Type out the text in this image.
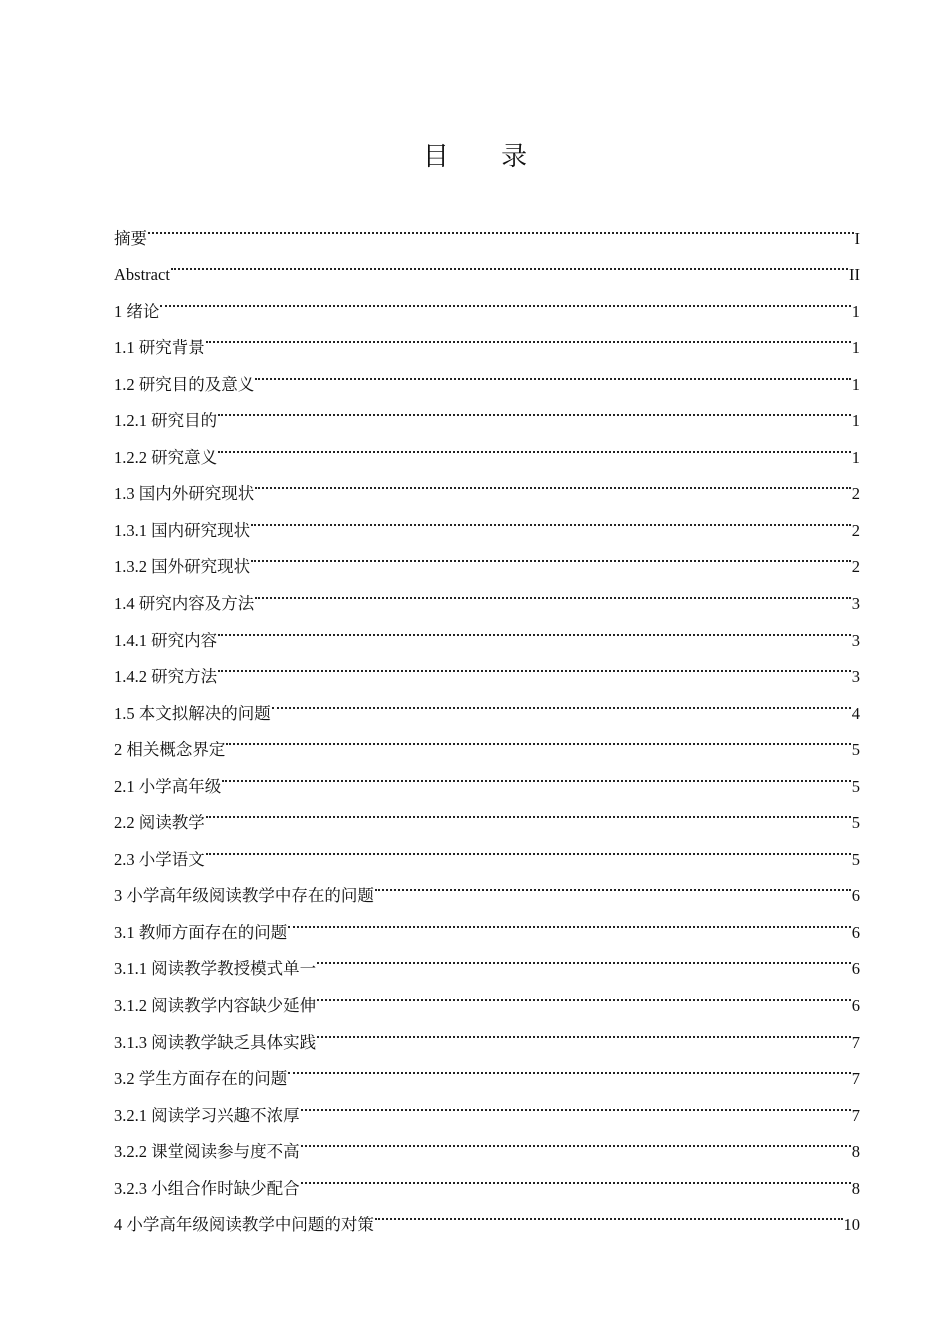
目 录
摘要	I
Abstract	II
1 绪论	1
1.1 研究背景	1
1.2 研究目的及意义	1
1.2.1 研究目的	1
1.2.2 研究意义	1
1.3 国内外研究现状	2
1.3.1 国内研究现状	2
1.3.2 国外研究现状	2
1.4 研究内容及方法	3
1.4.1 研究内容	3
1.4.2 研究方法	3
1.5 本文拟解决的问题	4
2 相关概念界定	5
2.1 小学高年级	5
2.2 阅读教学	5
2.3 小学语文	5
3 小学高年级阅读教学中存在的问题	6
3.1 教师方面存在的问题	6
3.1.1 阅读教学教授模式单一	6
3.1.2 阅读教学内容缺少延伸	6
3.1.3 阅读教学缺乏具体实践	7
3.2 学生方面存在的问题	7
3.2.1 阅读学习兴趣不浓厚	7
3.2.2 课堂阅读参与度不高	8
3.2.3 小组合作时缺少配合	8
4 小学高年级阅读教学中问题的对策	10
